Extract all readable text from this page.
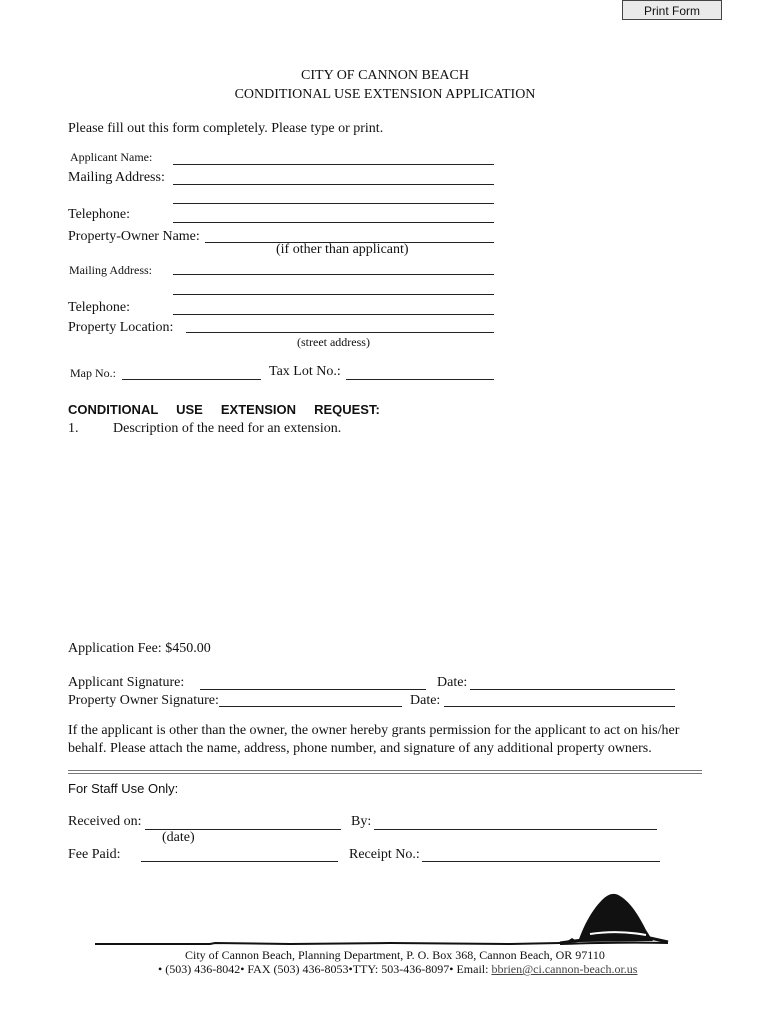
Print Form
CITY OF CANNON BEACH
CONDITIONAL USE EXTENSION APPLICATION
Please fill out this form completely. Please type or print.
Applicant Name:
Mailing Address:
Telephone:
Property-Owner Name:
(if other than applicant)
Mailing Address:
Telephone:
Property Location:
(street address)
Map No.:	Tax Lot No.:
CONDITIONAL     USE     EXTENSION     REQUEST:
1. Description of the need for an extension.
Application Fee: $450.00
Applicant Signature:	Date:
Property Owner Signature:	Date:
If the applicant is other than the owner, the owner hereby grants permission for the applicant to act on his/her
behalf. Please attach the name, address, phone number, and signature of any additional property owners.
For Staff Use Only:
Received on:
(date)
By:
Fee Paid:	Receipt No.:
City of Cannon Beach, Planning Department, P. O. Box 368, Cannon Beach, OR 97110
• (503) 436-8042• FAX (503) 436-8053•TTY: 503-436-8097• Email: bbrien@ci.cannon-beach.or.us
